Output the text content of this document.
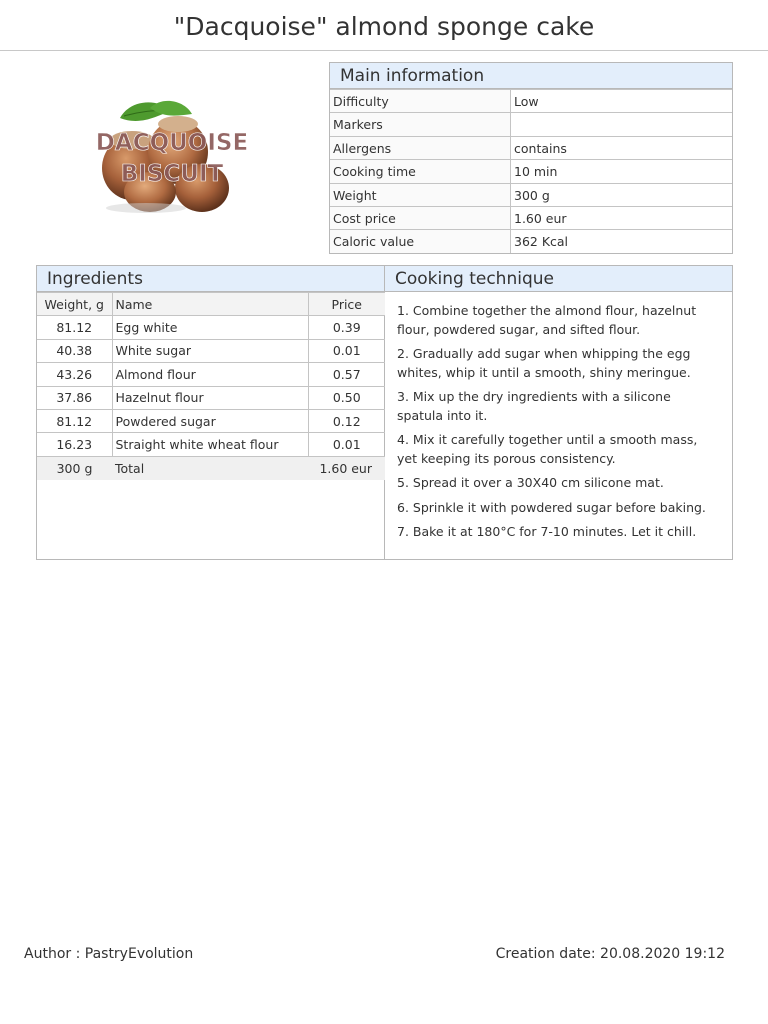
"Dacquoise" almond sponge cake
DACQUOISE
BISCUIT
Main information
Difficulty	Low
Markers
Allergens	contains
Cooking time	10 min
Weight	300 g
Cost price	1.60 eur
Caloric value	362 Kcal
Ingredients
Weight, g	Name	Price
81.12	Egg white	0.39
40.38	White sugar	0.01
43.26	Almond flour	0.57
37.86	Hazelnut flour	0.50
81.12	Powdered sugar	0.12
16.23	Straight white wheat flour	0.01
300 g	Total	1.60 eur
Cooking technique

1. Combine together the almond flour, hazelnut flour, powdered sugar, and sifted flour.

2. Gradually add sugar when whipping the egg whites, whip it until a smooth, shiny meringue.

3. Mix up the dry ingredients with a silicone spatula into it.

4. Mix it carefully together until a smooth mass, yet keeping its porous consistency.

5. Spread it over a 30X40 cm silicone mat.

6. Sprinkle it with powdered sugar before baking.

7. Bake it at 180°C for 7-10 minutes. Let it chill.

Author : PastryEvolution	Creation date: 20.08.2020 19:12
